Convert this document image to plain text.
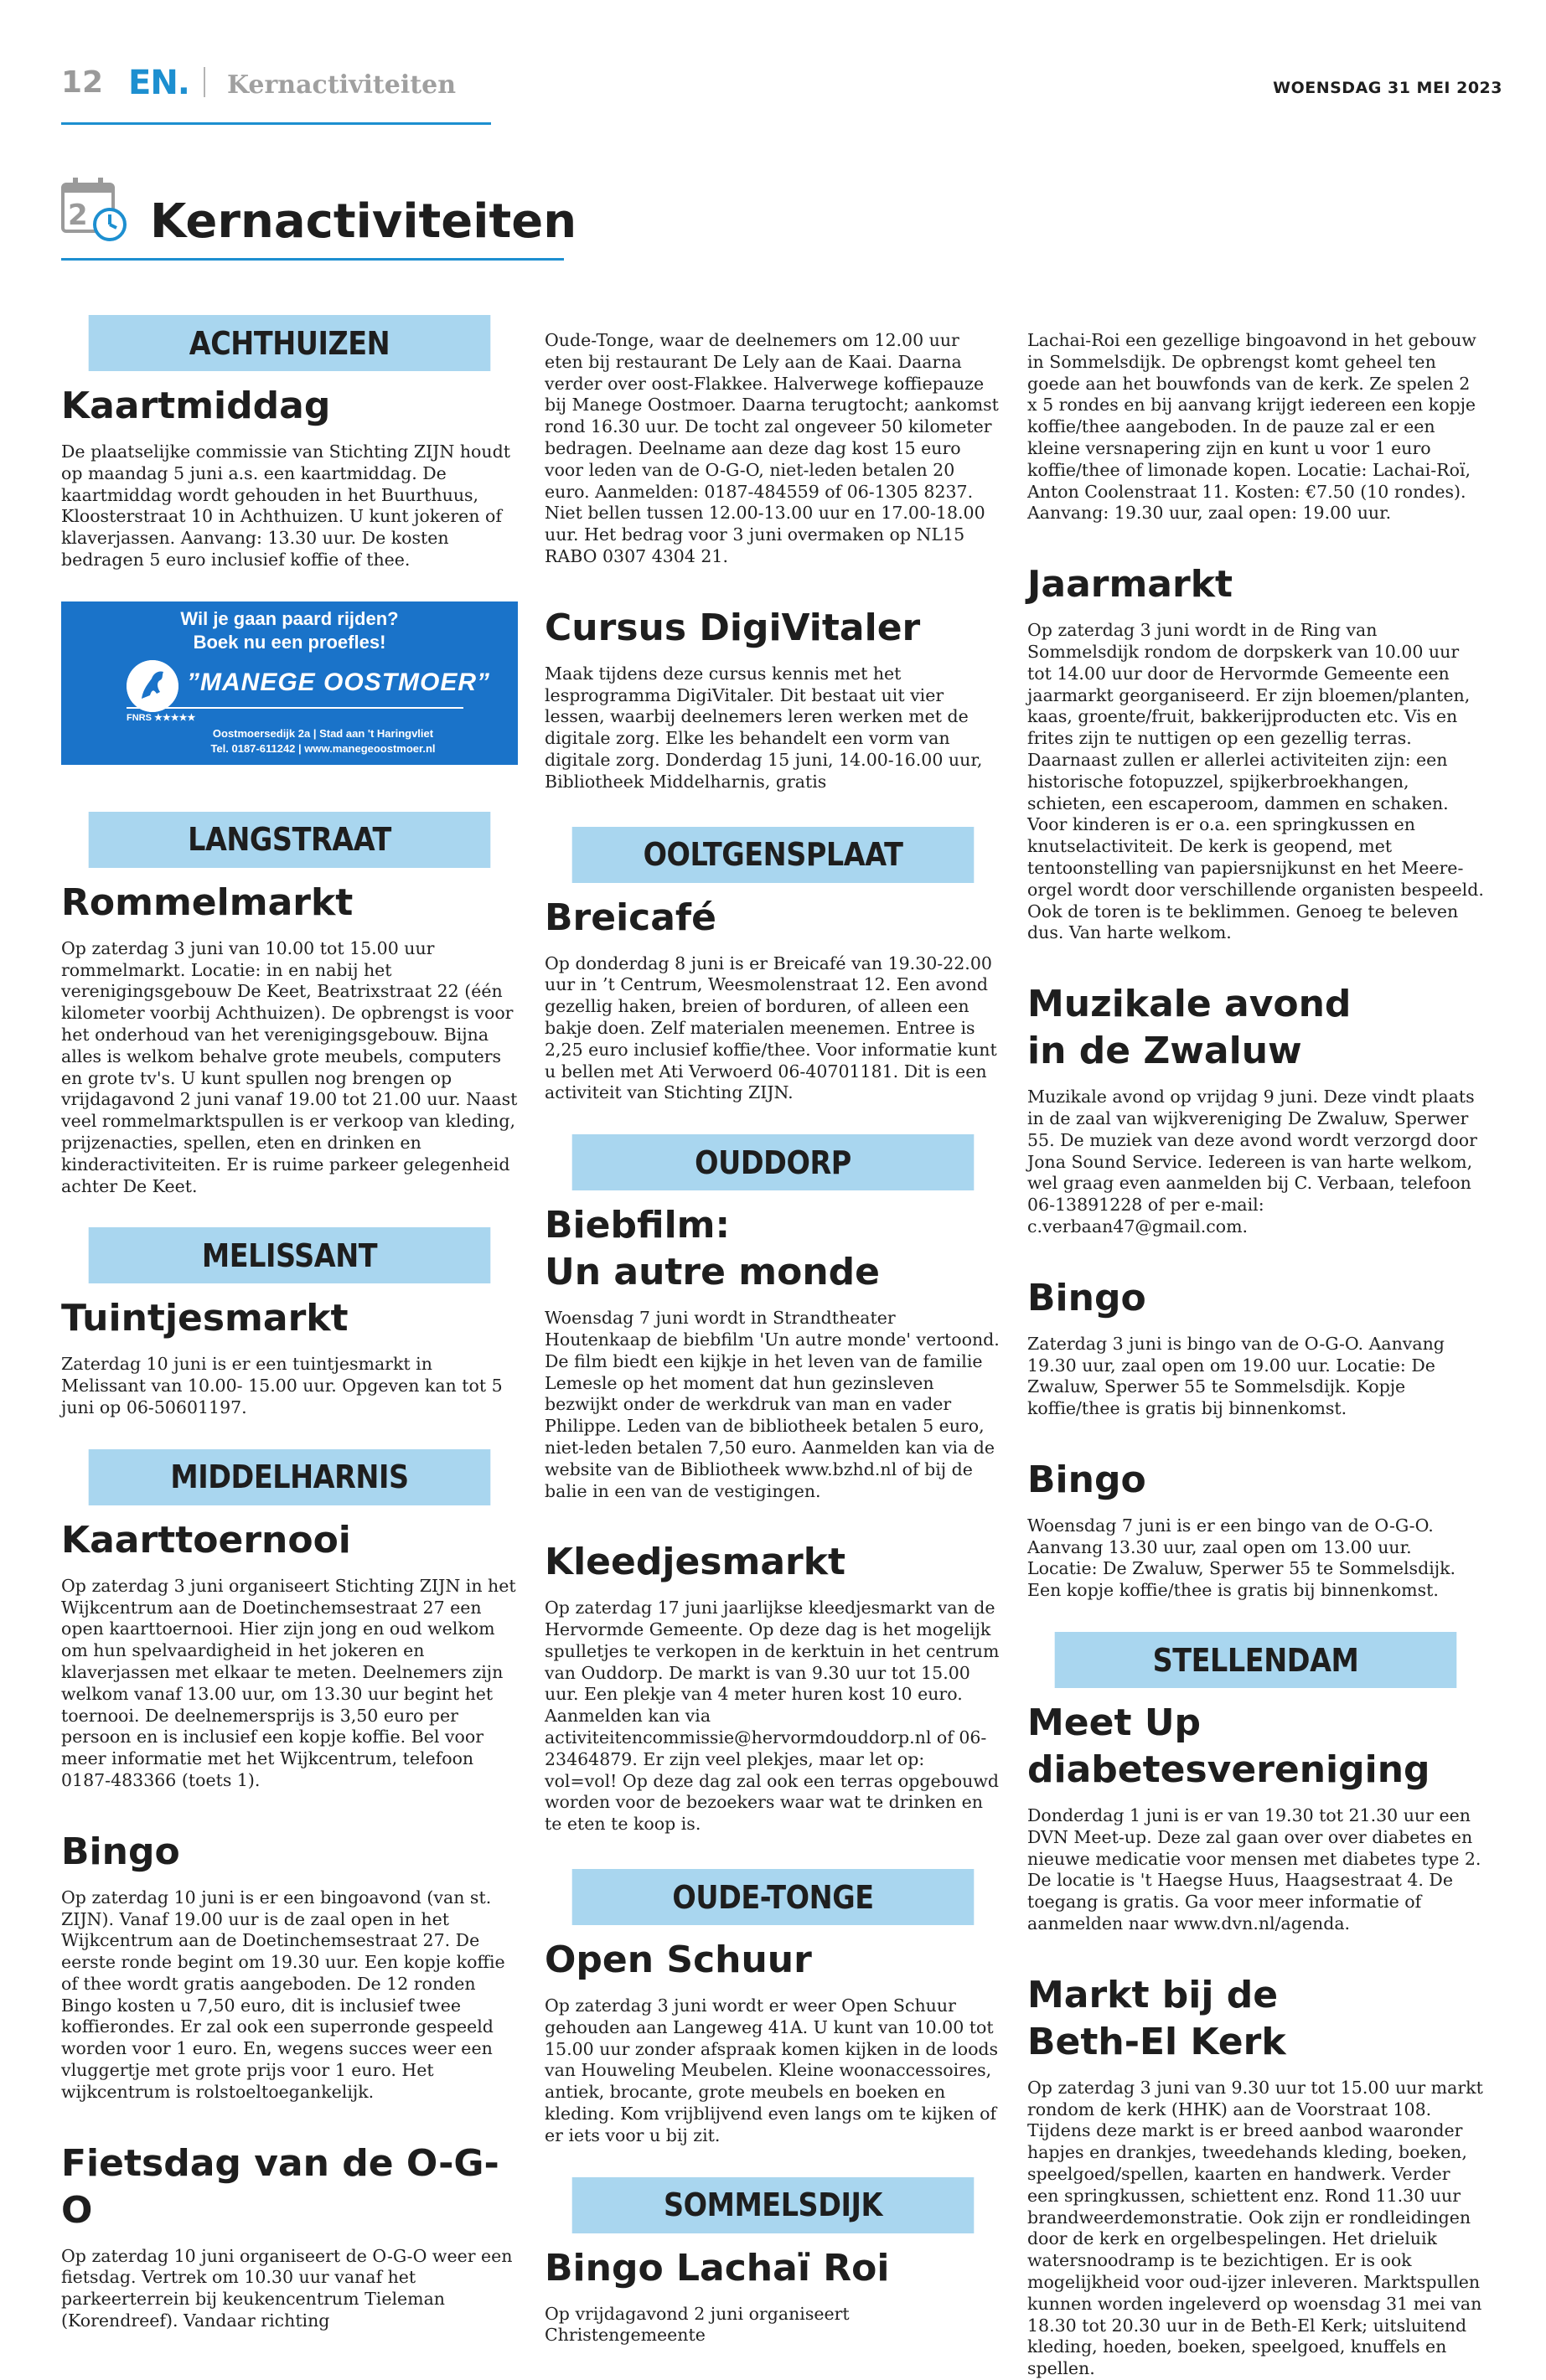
12 EN. Kernactiviteiten	WOENSDAG 31 MEI 2023
2 Kernactiviteiten
ACHTHUIZEN
Kaartmiddag

De plaatselijke commissie van Stichting ZIJN houdt op maandag 5 juni a.s. een kaartmiddag. De kaartmiddag wordt gehouden in het Buurthuus, Kloosterstraat 10 in Achthuizen. U kunt jokeren of klaverjassen. Aanvang: 13.30 uur. De kosten bedragen 5 euro inclusief koffie of thee.

Wil je gaan paard rijden?
Boek nu een proefles!
”MANEGE OOSTMOER”
FNRS ★★★★★
Oostmoersedijk 2a | Stad aan 't Haringvliet
Tel. 0187-611242 | www.manegeoostmoer.nl
LANGSTRAAT
Rommelmarkt

Op zaterdag 3 juni van 10.00 tot 15.00 uur rommelmarkt. Locatie: in en nabij het verenigingsgebouw De Keet, Beatrixstraat 22 (één kilometer voorbij Achthuizen). De opbrengst is voor het onderhoud van het verenigingsgebouw. Bijna alles is welkom behalve grote meubels, computers en grote tv's. U kunt spullen nog brengen op vrijdagavond 2 juni vanaf 19.00 tot 21.00 uur. Naast veel rommelmarktspullen is er verkoop van kleding, prijzenacties, spellen, eten en drinken en kinderactiviteiten. Er is ruime parkeer gelegenheid achter De Keet.

MELISSANT
Tuintjesmarkt

Zaterdag 10 juni is er een tuintjesmarkt in Melissant van 10.00- 15.00 uur. Opgeven kan tot 5 juni op 06-50601197.

MIDDELHARNIS
Kaarttoernooi

Op zaterdag 3 juni organiseert Stichting ZIJN in het Wijkcentrum aan de Doetinchemsestraat 27 een open kaarttoernooi. Hier zijn jong en oud welkom om hun spelvaardigheid in het jokeren en klaverjassen met elkaar te meten. Deelnemers zijn welkom vanaf 13.00 uur, om 13.30 uur begint het toernooi. De deelnemersprijs is 3,50 euro per persoon en is inclusief een kopje koffie. Bel voor meer informatie met het Wijkcentrum, telefoon 0187-483366 (toets 1).

Bingo

Op zaterdag 10 juni is er een bingoavond (van st. ZIJN). Vanaf 19.00 uur is de zaal open in het Wijkcentrum aan de Doetinchemsestraat 27. De eerste ronde begint om 19.30 uur. Een kopje koffie of thee wordt gratis aangeboden. De 12 ronden Bingo kosten u 7,50 euro, dit is inclusief twee koffierondes. Er zal ook een superronde gespeeld worden voor 1 euro. En, wegens succes weer een vluggertje met grote prijs voor 1 euro. Het wijkcentrum is rolstoeltoegankelijk.

Fietsdag van de O-G-O

Op zaterdag 10 juni organiseert de O-G-O weer een fietsdag. Vertrek om 10.30 uur vanaf het parkeerterrein bij keukencentrum Tieleman (Korendreef). Vandaar richting

Oude-Tonge, waar de deelnemers om 12.00 uur eten bij restaurant De Lely aan de Kaai. Daarna verder over oost-Flakkee. Halverwege koffiepauze bij Manege Oostmoer. Daarna terugtocht; aankomst rond 16.30 uur. De tocht zal ongeveer 50 kilometer bedragen. Deelname aan deze dag kost 15 euro voor leden van de O-G-O, niet-leden betalen 20 euro. Aanmelden: 0187-484559 of 06-1305 8237. Niet bellen tussen 12.00-13.00 uur en 17.00-18.00 uur. Het bedrag voor 3 juni overmaken op NL15 RABO 0307 4304 21.

Cursus DigiVitaler

Maak tijdens deze cursus kennis met het lesprogramma DigiVitaler. Dit bestaat uit vier lessen, waarbij deelnemers leren werken met de digitale zorg. Elke les behandelt een vorm van digitale zorg. Donderdag 15 juni, 14.00-16.00 uur, Bibliotheek Middelharnis, gratis

OOLTGENSPLAAT
Breicafé

Op donderdag 8 juni is er Breicafé van 19.30-22.00 uur in ’t Centrum, Weesmolenstraat 12. Een avond gezellig haken, breien of borduren, of alleen een bakje doen. Zelf materialen meenemen. Entree is 2,25 euro inclusief koffie/thee. Voor informatie kunt u bellen met Ati Verwoerd 06-40701181. Dit is een activiteit van Stichting ZIJN.

OUDDORP
Biebfilm:
Un autre monde

Woensdag 7 juni wordt in Strandtheater Houtenkaap de biebfilm 'Un autre monde' vertoond. De film biedt een kijkje in het leven van de familie Lemesle op het moment dat hun gezinsleven bezwijkt onder de werkdruk van man en vader Philippe. Leden van de bibliotheek betalen 5 euro, niet-leden betalen 7,50 euro. Aanmelden kan via de website van de Bibliotheek www.bzhd.nl of bij de balie in een van de vestigingen.

Kleedjesmarkt

Op zaterdag 17 juni jaarlijkse kleedjesmarkt van de Hervormde Gemeente. Op deze dag is het mogelijk spulletjes te verkopen in de kerktuin in het centrum van Ouddorp. De markt is van 9.30 uur tot 15.00 uur. Een plekje van 4 meter huren kost 10 euro. Aanmelden kan via activiteitencommissie@hervormdouddorp.nl of 06-23464879. Er zijn veel plekjes, maar let op: vol=vol! Op deze dag zal ook een terras opgebouwd worden voor de bezoekers waar wat te drinken en te eten te koop is.

OUDE-TONGE
Open Schuur

Op zaterdag 3 juni wordt er weer Open Schuur gehouden aan Langeweg 41A. U kunt van 10.00 tot 15.00 uur zonder afspraak komen kijken in de loods van Houweling Meubelen. Kleine woonaccessoires, antiek, brocante, grote meubels en boeken en kleding. Kom vrijblijvend even langs om te kijken of er iets voor u bij zit.

SOMMELSDIJK
Bingo Lachaï Roi

Op vrijdagavond 2 juni organiseert Christengemeente

Lachai-Roi een gezellige bingoavond in het gebouw in Sommelsdijk. De opbrengst komt geheel ten goede aan het bouwfonds van de kerk. Ze spelen 2 x 5 rondes en bij aanvang krijgt iedereen een kopje koffie/thee aangeboden. In de pauze zal er een kleine versnapering zijn en kunt u voor 1 euro koffie/thee of limonade kopen. Locatie: Lachai-Roï, Anton Coolenstraat 11. Kosten: €7.50 (10 rondes). Aanvang: 19.30 uur, zaal open: 19.00 uur.

Jaarmarkt

Op zaterdag 3 juni wordt in de Ring van Sommelsdijk rondom de dorpskerk van 10.00 uur tot 14.00 uur door de Hervormde Gemeente een jaarmarkt georganiseerd. Er zijn bloemen/planten, kaas, groente/fruit, bakkerijproducten etc. Vis en frites zijn te nuttigen op een gezellig terras. Daarnaast zullen er allerlei activiteiten zijn: een historische fotopuzzel, spijkerbroekhangen, schieten, een escaperoom, dammen en schaken. Voor kinderen is er o.a. een springkussen en knutselactiviteit. De kerk is geopend, met tentoonstelling van papiersnijkunst en het Meere-orgel wordt door verschillende organisten bespeeld. Ook de toren is te beklimmen. Genoeg te beleven dus. Van harte welkom.

Muzikale avond
in de Zwaluw

Muzikale avond op vrijdag 9 juni. Deze vindt plaats in de zaal van wijkvereniging De Zwaluw, Sperwer 55. De muziek van deze avond wordt verzorgd door Jona Sound Service. Iedereen is van harte welkom, wel graag even aanmelden bij C. Verbaan, telefoon 06-13891228 of per e-mail: c.verbaan47@gmail.com.

Bingo

Zaterdag 3 juni is bingo van de O-G-O. Aanvang 19.30 uur, zaal open om 19.00 uur. Locatie: De Zwaluw, Sperwer 55 te Sommelsdijk. Kopje koffie/thee is gratis bij binnenkomst.

Bingo

Woensdag 7 juni is er een bingo van de O-G-O. Aanvang 13.30 uur, zaal open om 13.00 uur. Locatie: De Zwaluw, Sperwer 55 te Sommelsdijk. Een kopje koffie/thee is gratis bij binnenkomst.

STELLENDAM
Meet Up
diabetesvereniging

Donderdag 1 juni is er van 19.30 tot 21.30 uur een DVN Meet-up. Deze zal gaan over over diabetes en nieuwe medicatie voor mensen met diabetes type 2. De locatie is 't Haegse Huus, Haagsestraat 4. De toegang is gratis. Ga voor meer informatie of aanmelden naar www.dvn.nl/agenda.

Markt bij de
Beth-El Kerk

Op zaterdag 3 juni van 9.30 uur tot 15.00 uur markt rondom de kerk (HHK) aan de Voorstraat 108. Tijdens deze markt is er breed aanbod waaronder hapjes en drankjes, tweedehands kleding, boeken, speelgoed/spellen, kaarten en handwerk. Verder een springkussen, schiettent enz. Rond 11.30 uur brandweerdemonstratie. Ook zijn er rondleidingen door de kerk en orgelbespelingen. Het drieluik watersnoodramp is te bezichtigen. Er is ook mogelijkheid voor oud-ijzer inleveren. Marktspullen kunnen worden ingeleverd op woensdag 31 mei van 18.30 tot 20.30 uur in de Beth-El Kerk; uitsluitend kleding, hoeden, boeken, speelgoed, knuffels en spellen.
